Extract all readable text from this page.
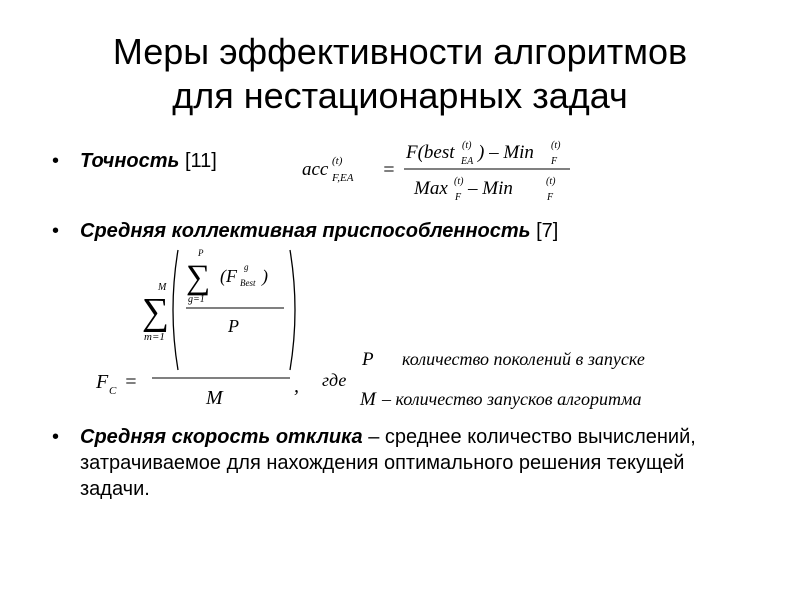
Меры эффективности алгоритмов
для нестационарных задач
• Точность [11]	acc (t)
F,EA =
F(best (t)
EA ) – Min (t)
F
Max (t)
F – Min	(t)
F
• Средняя коллективная приспособленность [7]
F C =
M
∑
m=1
P
∑
g=1
(F g
Best )
P
M
, где
P количество поколений в запуске
M – количество запусков алгоритма
• Средняя скорость отклика – среднее количество вычислений, затрачиваемое для нахождения оптимального решения текущей задачи.
